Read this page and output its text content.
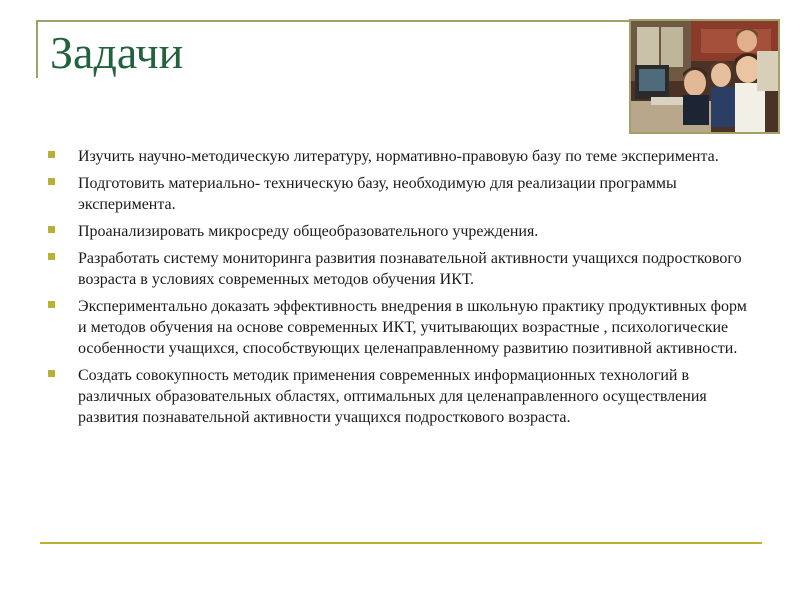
Задачи
Изучить научно-методическую литературу, нормативно-правовую базу по теме эксперимента.
Подготовить материально- техническую базу, необходимую для реализации программы эксперимента.
Проанализировать микросреду общеобразовательного учреждения.
Разработать систему мониторинга развития познавательной активности учащихся подросткового возраста в условиях современных методов обучения ИКТ.
Экспериментально доказать эффективность внедрения в школьную практику продуктивных форм и методов обучения на основе современных ИКТ, учитывающих возрастные , психологические особенности учащихся, способствующих целенаправленному развитию позитивной активности.
Создать совокупность методик применения современных информационных технологий в различных образовательных областях, оптимальных для целенаправленного осуществления развития познавательной активности учащихся подросткового возраста.
